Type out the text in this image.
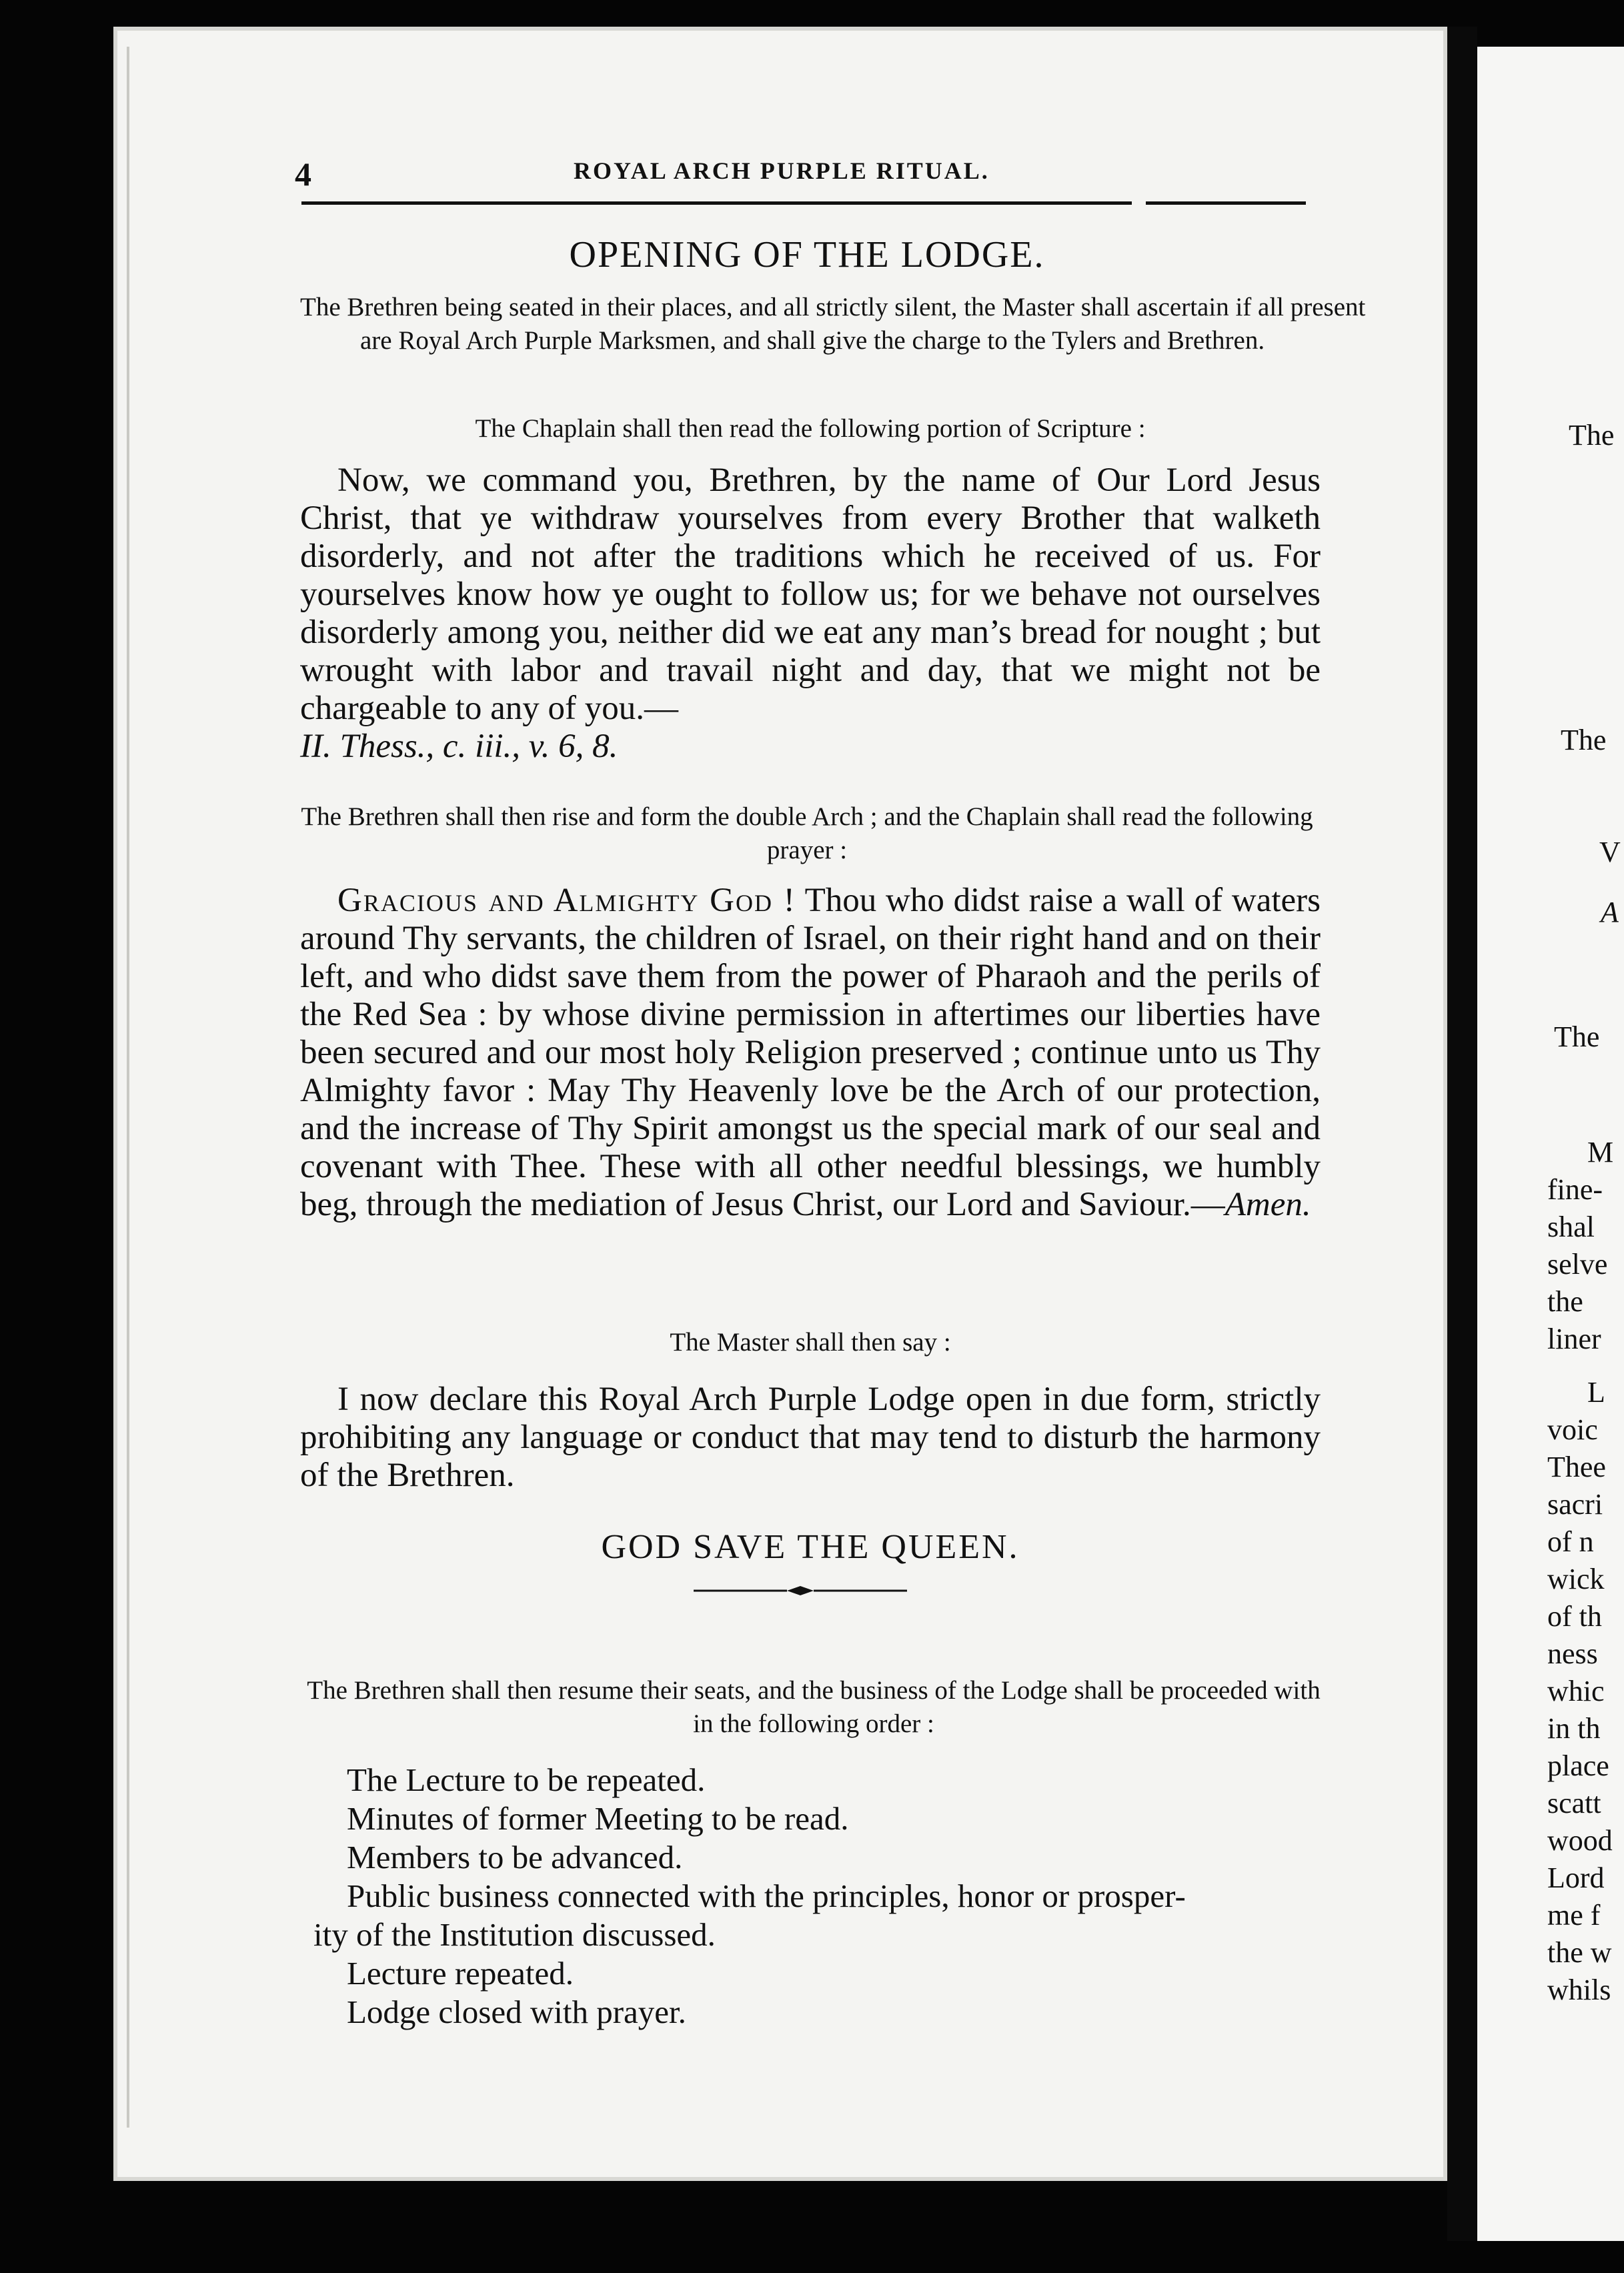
4	ROYAL ARCH PURPLE RITUAL.
OPENING OF THE LODGE.
The Brethren being seated in their places, and all strictly silent, the Master shall ascertain if all present are Royal Arch Purple Marksmen, and shall give the charge to the Tylers and Brethren.
The Chaplain shall then read the following portion of Scripture :
Now, we command you, Brethren, by the name of Our Lord Jesus Christ, that ye withdraw yourselves from every Brother that walketh disorderly, and not after the traditions which he received of us. For yourselves know how ye ought to follow us; for we behave not ourselves disorderly among you, neither did we eat any man’s bread for nought ; but wrought with labor and travail night and day, that we might not be chargeable to any of you.—
II. Thess., c. iii., v. 6, 8.
The Brethren shall then rise and form the double Arch ; and the Chaplain shall read the following prayer :
Gracious and Almighty God ! Thou who didst raise a wall of waters around Thy servants, the children of Israel, on their right hand and on their left, and who didst save them from the power of Pharaoh and the perils of the Red Sea : by whose divine permission in aftertimes our liberties have been secured and our most holy Religion preserved ; continue unto us Thy Almighty favor : May Thy Heavenly love be the Arch of our protection, and the increase of Thy Spirit amongst us the special mark of our seal and covenant with Thee. These with all other needful blessings, we humbly beg, through the mediation of Jesus Christ, our Lord and Saviour.—Amen.
The Master shall then say :
I now declare this Royal Arch Purple Lodge open in due form, strictly prohibiting any language or conduct that may tend to disturb the harmony of the Brethren.
GOD SAVE THE QUEEN.
The Brethren shall then resume their seats, and the business of the Lodge shall be proceeded with in the following order :
The Lecture to be repeated.
Minutes of former Meeting to be read.
Members to be advanced.
Public business connected with the principles, honor or prosper-
ity of the Institution discussed.
Lecture repeated.
Lodge closed with prayer.
The
The
V
A
The
M
fine-
shal
selve
the
liner
L
voic
Thee
sacri
of n
wick
of th
ness
whic
in th
place
scatt
wood
Lord
me f
the w
whils
